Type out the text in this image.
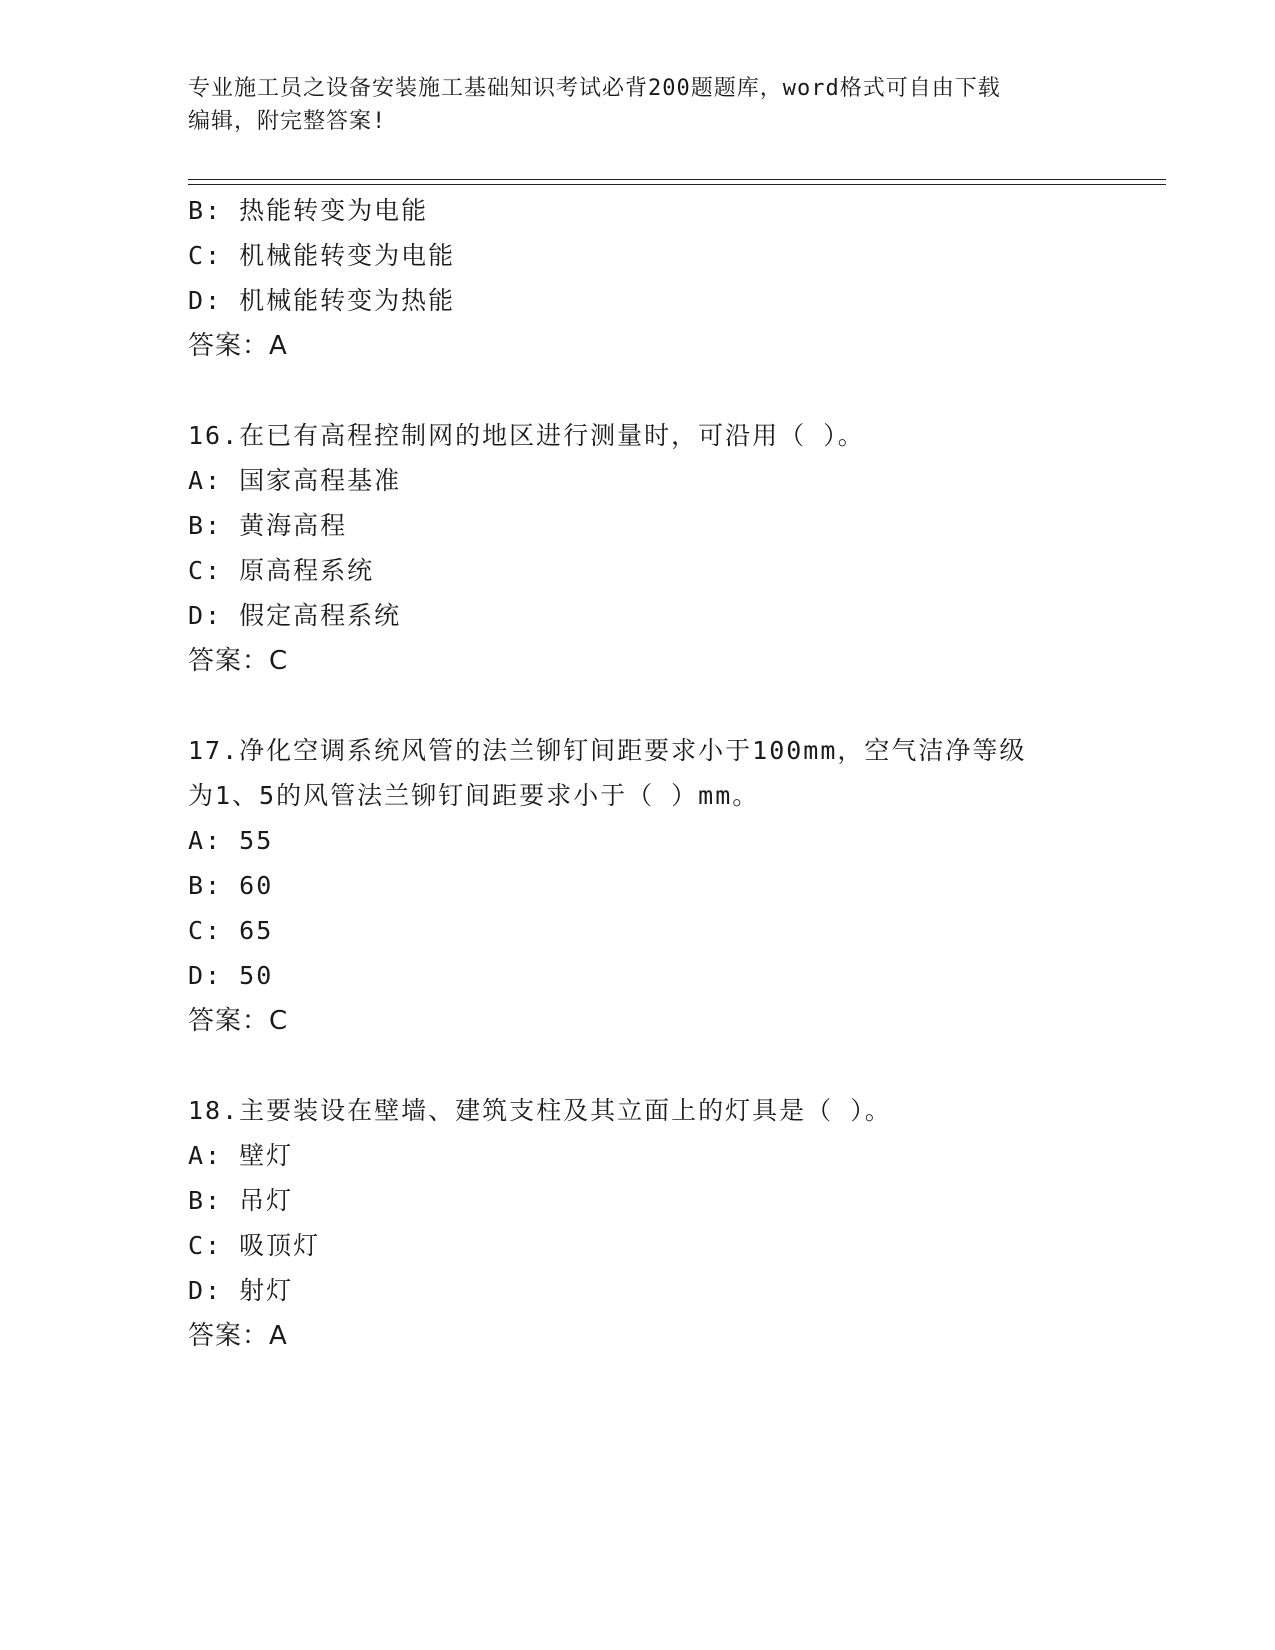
专业施工员之设备安装施工基础知识考试必背200题题库，word格式可自由下载
编辑，附完整答案!
B: 热能转变为电能
C: 机械能转变为电能
D: 机械能转变为热能
答案：A
16.在已有高程控制网的地区进行测量时，可沿用（ ）。
A: 国家高程基准
B: 黄海高程
C: 原高程系统
D: 假定高程系统
答案：C
17.净化空调系统风管的法兰铆钉间距要求小于100mm，空气洁净等级
为1、5的风管法兰铆钉间距要求小于（ ）mm。
A: 55
B: 60
C: 65
D: 50
答案：C
18.主要装设在壁墙、建筑支柱及其立面上的灯具是（ ）。
A: 壁灯
B: 吊灯
C: 吸顶灯
D: 射灯
答案：A
